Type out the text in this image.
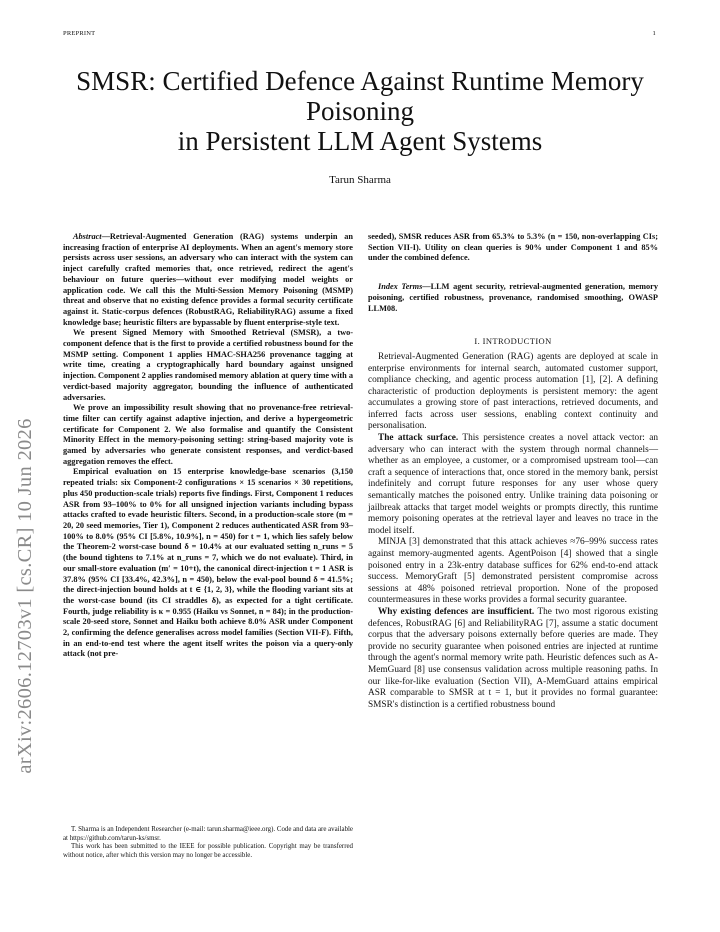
PREPRINT	1
SMSR: Certified Defence Against Runtime Memory
Poisoning
in Persistent LLM Agent Systems
Tarun Sharma
arXiv:2606.12703v1 [cs.CR] 10 Jun 2026

Abstract—Retrieval-Augmented Generation (RAG) systems underpin an increasing fraction of enterprise AI deployments. When an agent's memory store persists across user sessions, an adversary who can interact with the system can inject carefully crafted memories that, once retrieved, redirect the agent's behaviour on future queries—without ever modifying model weights or application code. We call this the Multi-Session Memory Poisoning (MSMP) threat and observe that no existing defence provides a formal security certificate against it. Static-corpus defences (RobustRAG, ReliabilityRAG) assume a fixed knowledge base; heuristic filters are bypassable by fluent enterprise-style text.

We present Signed Memory with Smoothed Retrieval (SMSR), a two-component defence that is the first to provide a certified robustness bound for the MSMP setting. Component 1 applies HMAC-SHA256 provenance tagging at write time, creating a cryptographically hard boundary against unsigned injection. Component 2 applies randomised memory ablation at query time with a verdict-based majority aggregator, bounding the influence of authenticated adversaries.

We prove an impossibility result showing that no provenance-free retrieval-time filter can certify against adaptive injection, and derive a hypergeometric certificate for Component 2. We also formalise and quantify the Consistent Minority Effect in the memory-poisoning setting: string-based majority vote is gamed by adversaries who generate consistent responses, and verdict-based aggregation removes the effect.

Empirical evaluation on 15 enterprise knowledge-base scenarios (3,150 repeated trials: six Component-2 configurations × 15 scenarios × 30 repetitions, plus 450 production-scale trials) reports five findings. First, Component 1 reduces ASR from 93–100% to 0% for all unsigned injection variants including bypass attacks crafted to evade heuristic filters. Second, in a production-scale store (m = 20, 20 seed memories, Tier 1), Component 2 reduces authenticated ASR from 93–100% to 8.0% (95% CI [5.8%, 10.9%], n = 450) for t = 1, which lies safely below the Theorem-2 worst-case bound δ = 10.4% at our evaluated setting n_runs = 5 (the bound tightens to 7.1% at n_runs = 7, which we do not evaluate). Third, in our small-store evaluation (m′ = 10+t), the canonical direct-injection t = 1 ASR is 37.8% (95% CI [33.4%, 42.3%], n = 450), below the eval-pool bound δ = 41.5%; the direct-injection bound holds at t ∈ {1, 2, 3}, while the flooding variant sits at the worst-case bound (its CI straddles δ), as expected for a tight certificate. Fourth, judge reliability is κ = 0.955 (Haiku vs Sonnet, n = 84); in the production-scale 20-seed store, Sonnet and Haiku both achieve 8.0% ASR under Component 2, confirming the defence generalises across model families (Section VII-F). Fifth, in an end-to-end test where the agent itself writes the poison via a query-only attack (not pre-

T. Sharma is an Independent Researcher (e-mail: tarun.sharma@ieee.org). Code and data are available at https://github.com/tarun-ks/smsr.

This work has been submitted to the IEEE for possible publication. Copyright may be transferred without notice, after which this version may no longer be accessible.

seeded), SMSR reduces ASR from 65.3% to 5.3% (n = 150, non-overlapping CIs; Section VII-I). Utility on clean queries is 90% under Component 1 and 85% under the combined defence.

Index Terms—LLM agent security, retrieval-augmented generation, memory poisoning, certified robustness, provenance, randomised smoothing, OWASP LLM08.
I. INTRODUCTION

Retrieval-Augmented Generation (RAG) agents are deployed at scale in enterprise environments for internal search, automated customer support, compliance checking, and agentic process automation [1], [2]. A defining characteristic of production deployments is persistent memory: the agent accumulates a growing store of past interactions, retrieved documents, and inferred facts across user sessions, enabling context continuity and personalisation.

The attack surface. This persistence creates a novel attack vector: an adversary who can interact with the system through normal channels—whether as an employee, a customer, or a compromised upstream tool—can craft a sequence of interactions that, once stored in the memory bank, persist indefinitely and corrupt future responses for any user whose query semantically matches the poisoned entry. Unlike training data poisoning or jailbreak attacks that target model weights or prompts directly, this runtime memory poisoning operates at the retrieval layer and leaves no trace in the model itself.

MINJA [3] demonstrated that this attack achieves ≈76–99% success rates against memory-augmented agents. AgentPoison [4] showed that a single poisoned entry in a 23k-entry database suffices for 62% end-to-end attack success. MemoryGraft [5] demonstrated persistent compromise across sessions at 48% poisoned retrieval proportion. None of the proposed countermeasures in these works provides a formal security guarantee.

Why existing defences are insufficient. The two most rigorous existing defences, RobustRAG [6] and ReliabilityRAG [7], assume a static document corpus that the adversary poisons externally before queries are made. They provide no security guarantee when poisoned entries are injected at runtime through the agent's normal memory write path. Heuristic defences such as A-MemGuard [8] use consensus validation across multiple reasoning paths. In our like-for-like evaluation (Section VII), A-MemGuard attains empirical ASR comparable to SMSR at t = 1, but it provides no formal guarantee: SMSR's distinction is a certified robustness bound
